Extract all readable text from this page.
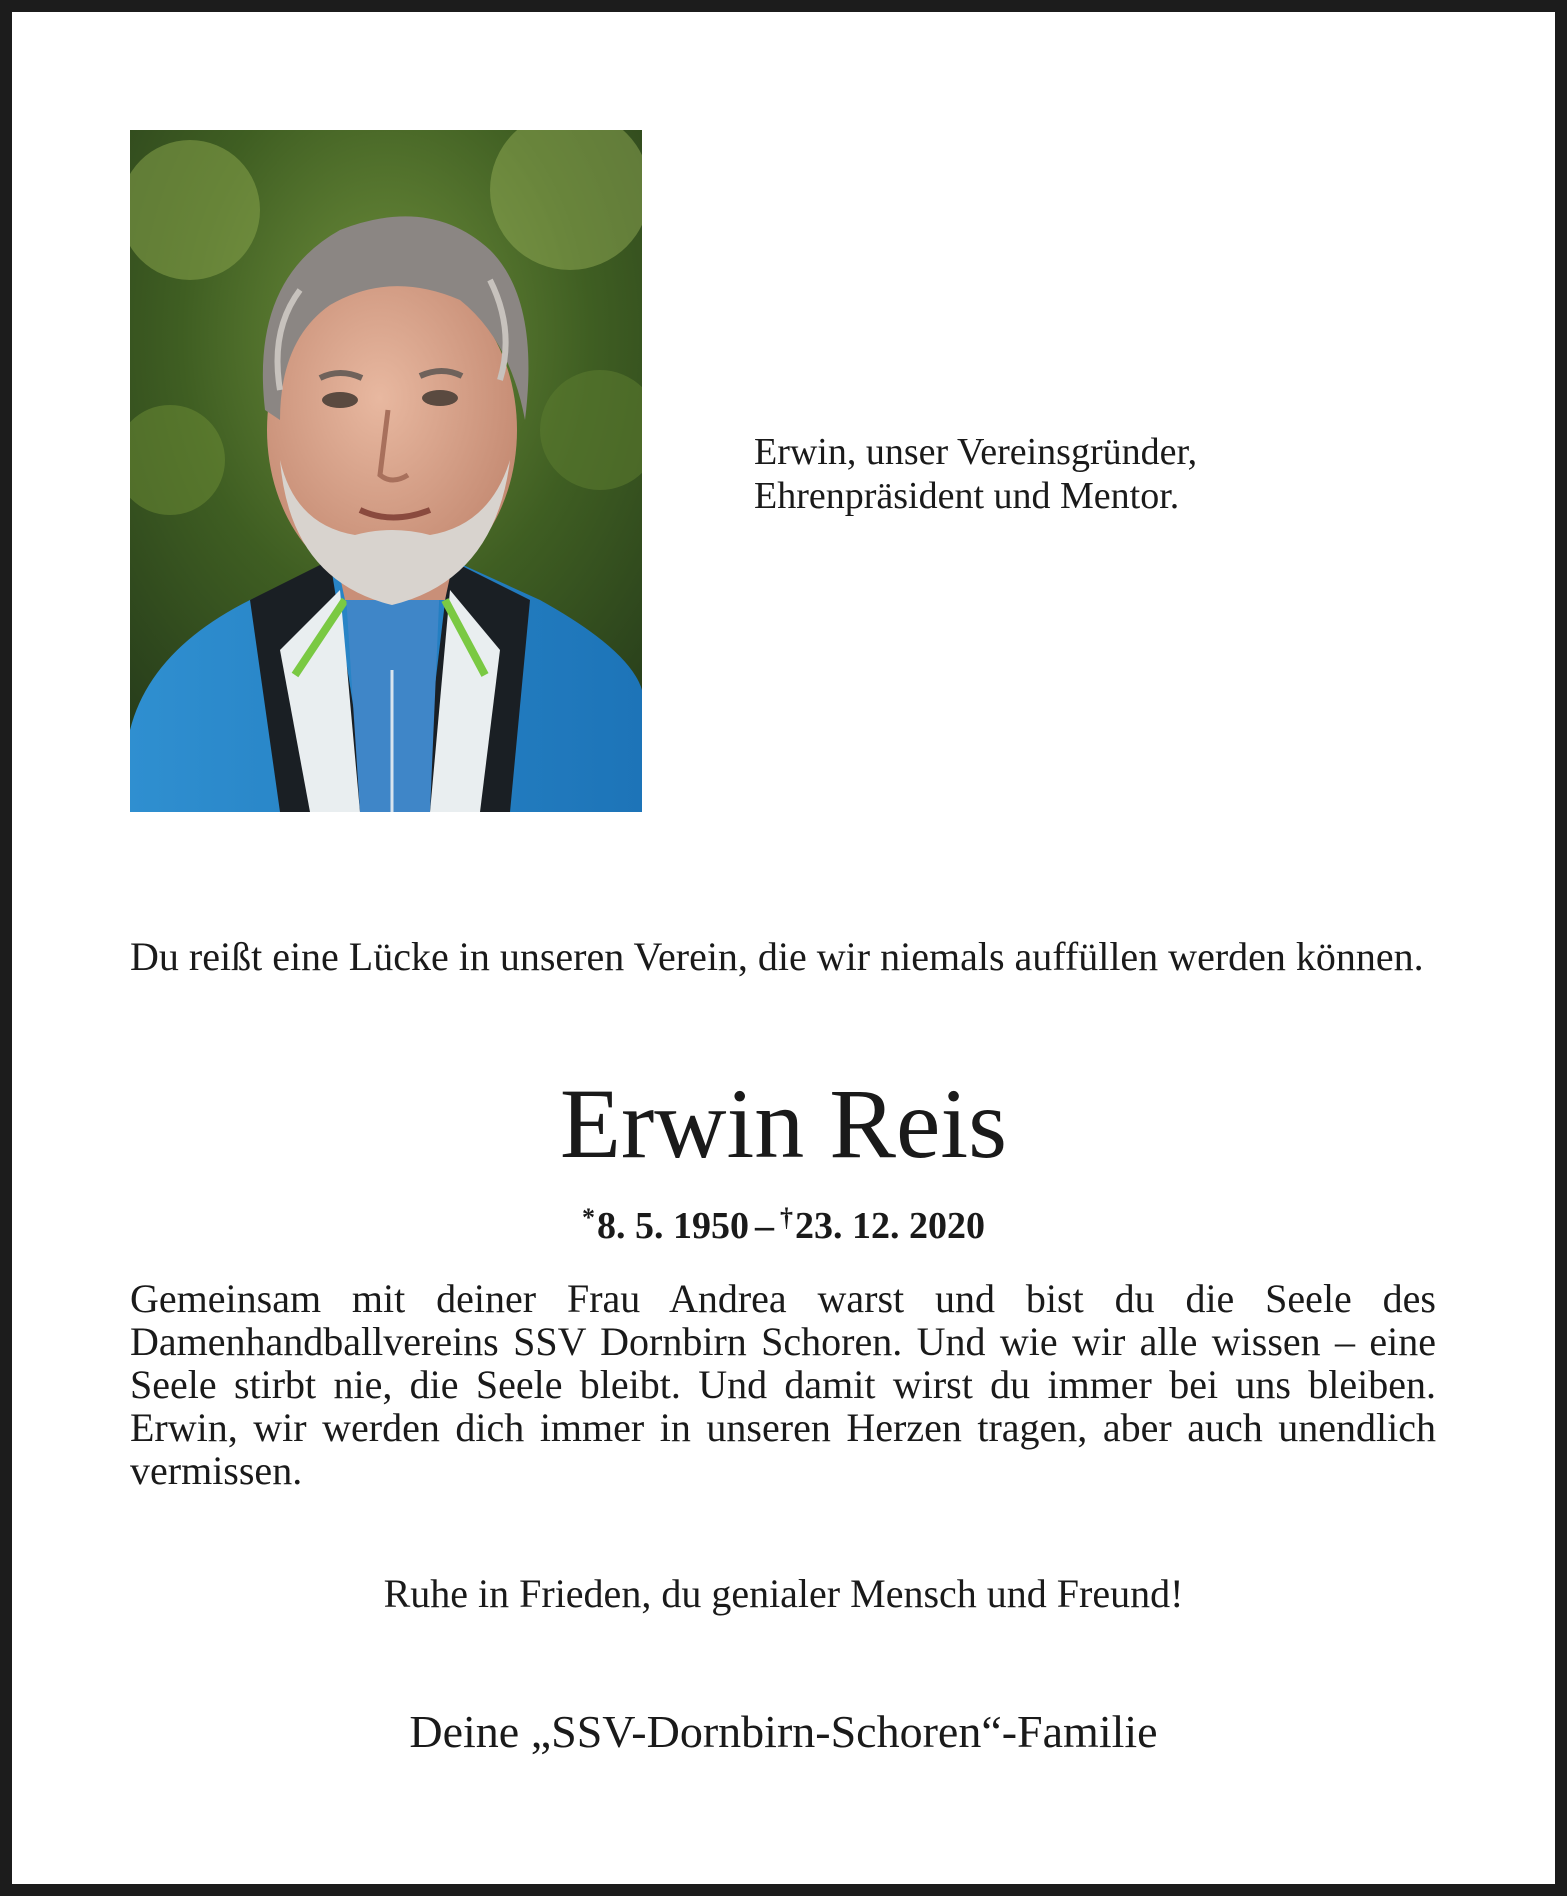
Erwin, unser Vereinsgründer,
Ehrenpräsident und Mentor.
Du reißt eine Lücke in unseren Verein, die wir niemals auffüllen werden können.
Erwin Reis
*8. 5. 1950 – †23. 12. 2020
Gemeinsam mit deiner Frau Andrea warst und bist du die Seele des Damenhandballvereins SSV Dornbirn Schoren. Und wie wir alle wissen – eine Seele stirbt nie, die Seele bleibt. Und damit wirst du immer bei uns bleiben. Erwin, wir werden dich immer in unseren Herzen tragen, aber auch unendlich vermissen.
Ruhe in Frieden, du genialer Mensch und Freund!
Deine „SSV-Dornbirn-Schoren“-Familie
